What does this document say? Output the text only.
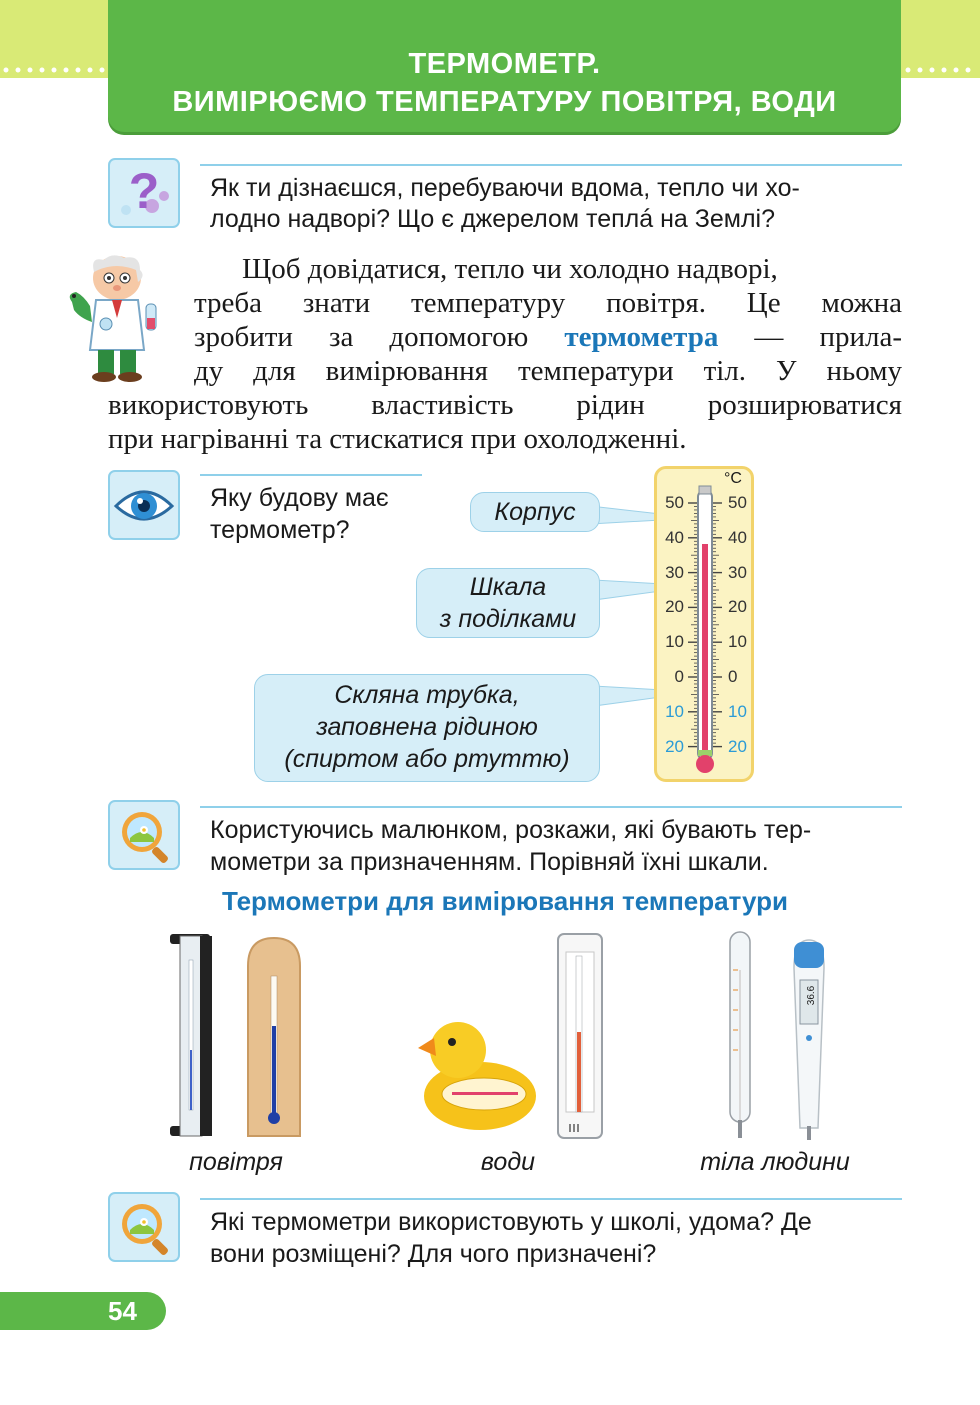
ТЕРМОМЕТР.
ВИМІРЮЄМО ТЕМПЕРАТУРУ ПОВІТРЯ, ВОДИ
? Як ти дізнаєшся, перебуваючи вдома, тепло чи хо-
лодно надворі? Що є джерелом теплá на Землі?
Щоб довідатися, тепло чи холодно надворі,
треба знати температуру повітря. Це можна
зробити за допомогою термометра — прила-
ду для вимірювання температури тіл. У ньому
використовують властивість рідин розширюватися
при нагріванні та стискатися при охолодженні.
Яку будову має
термометр?
Корпус
Шкала
з поділками
Скляна трубка,
заповнена рідиною
(спиртом або ртуттю)
°C
50	50
40	40
30	30
20	20
10	10
0	0
10	10
20	20
Користуючись малюнком, розкажи, які бувають тер-
мометри за призначенням. Порівняй їхні шкали.
Термометри для вимірювання температури
36.6
повітря	води	тіла людини
Які термометри використовують у школі, удома? Де
вони розміщені? Для чого призначені?
54
